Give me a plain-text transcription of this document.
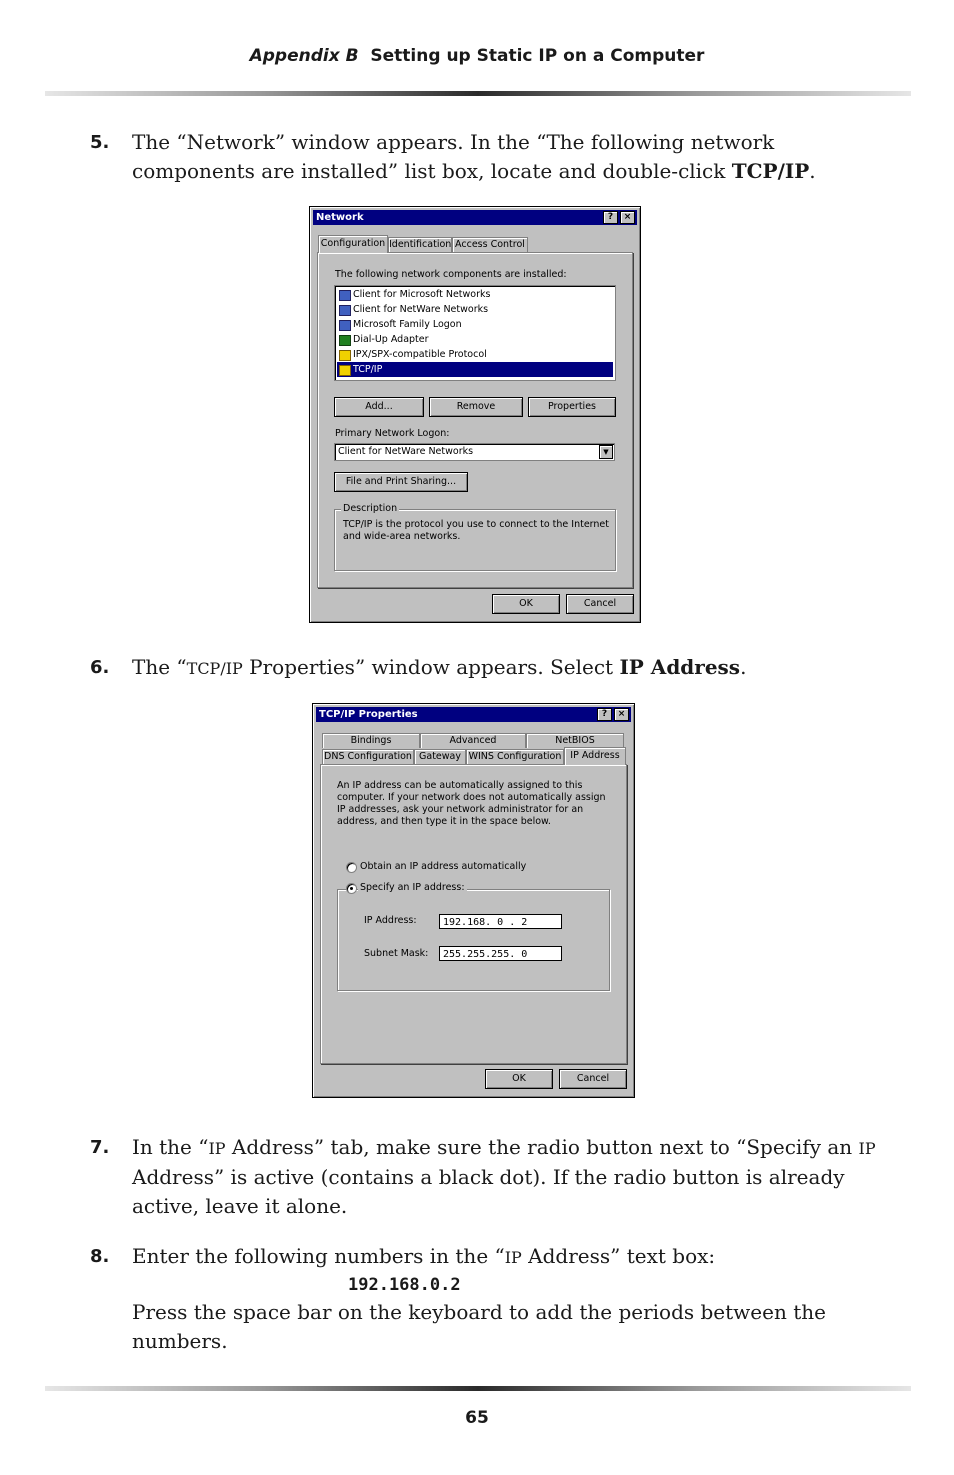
Appendix B Setting up Static IP on a Computer
5. The “Network” window appears. In the “The following network components are installed” list box, locate and double-click TCP/IP.
Network	?	×
Configuration Identification Access Control
The following network components are installed:
Client for Microsoft Networks
Client for NetWare Networks
Microsoft Family Logon
Dial-Up Adapter
IPX/SPX-compatible Protocol
TCP/IP
Add...	Remove	Properties
Primary Network Logon:
Client for NetWare Networks	▼
File and Print Sharing...
Description
TCP/IP is the protocol you use to connect to the Internet and wide-area networks.
OK	Cancel
6. The “TCP/IP Properties” window appears. Select IP Address.
TCP/IP Properties	?	×
Bindings	Advanced	NetBIOS
DNS Configuration Gateway WINS Configuration IP Address
An IP address can be automatically assigned to this computer. If your network does not automatically assign IP addresses, ask your network administrator for an address, and then type it in the space below.
Obtain an IP address automatically
Specify an IP address:
IP Address:	192.168. 0 . 2
Subnet Mask:	255.255.255. 0
OK	Cancel
7. In the “IP Address” tab, make sure the radio button next to “Specify an IP Address” is active (contains a black dot). If the radio button is already active, leave it alone.
8. Enter the following numbers in the “IP Address” text box:
192.168.0.2
Press the space bar on the keyboard to add the periods between the numbers.
65
